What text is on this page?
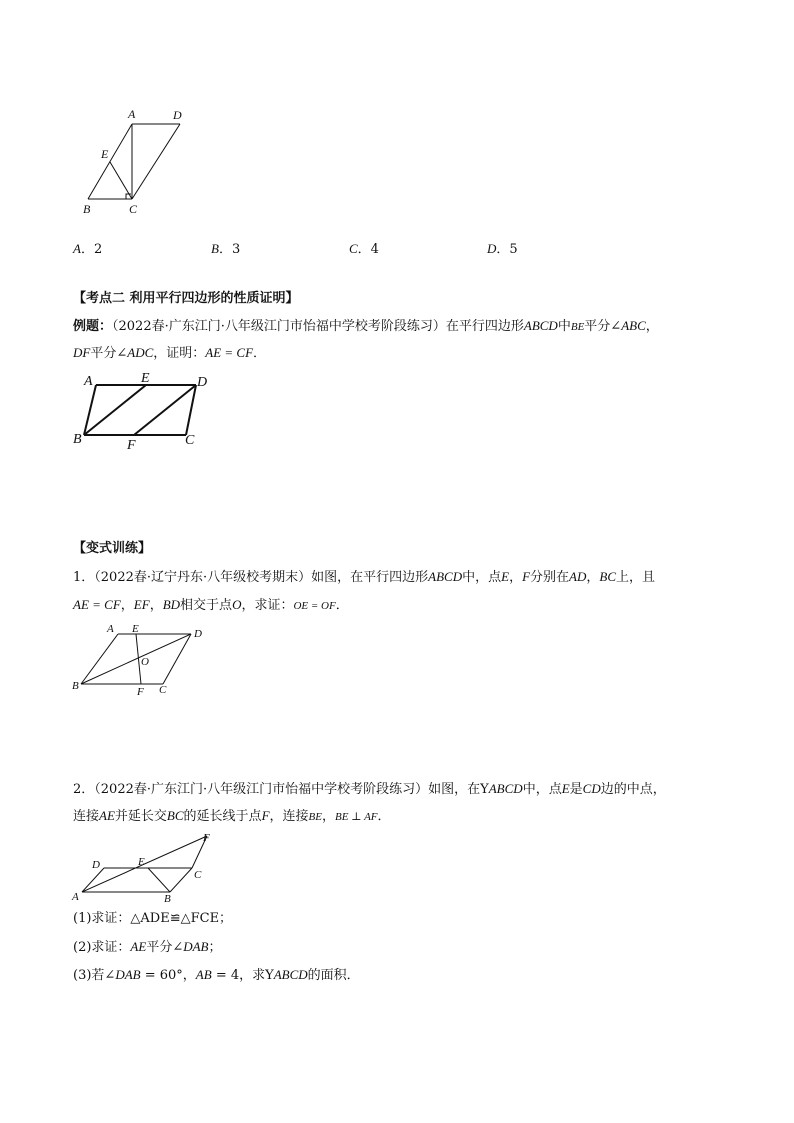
A	D
E
B	C
A．2	B．3	C．4	D．5
【考点二 利用平行四边形的性质证明】
例题：（2022春·广东江门·八年级江门市怡福中学校考阶段练习）在平行四边形ABCD中BE平分∠ABC，
DF平分∠ADC，证明：AE = CF．
A	E	D
B	F	C
【变式训练】
1．（2022春·辽宁丹东·八年级校考期末）如图，在平行四边形ABCD中，点E，F分别在AD，BC上，且
AE = CF，EF，BD相交于点O，求证：OE = OF．
A E	D
O
B	F C
2．（2022春·广东江门·八年级江门市怡福中学校考阶段练习）如图，在YABCD中，点E是CD边的中点，
连接AE并延长交BC的延长线于点F，连接BE，BE ⊥ AF．
D	E
F
A	B
C
(1)求证：△ADE≌△FCE；
(2)求证：AE平分∠DAB；
(3)若∠DAB = 60°，AB = 4，求YABCD的面积．
